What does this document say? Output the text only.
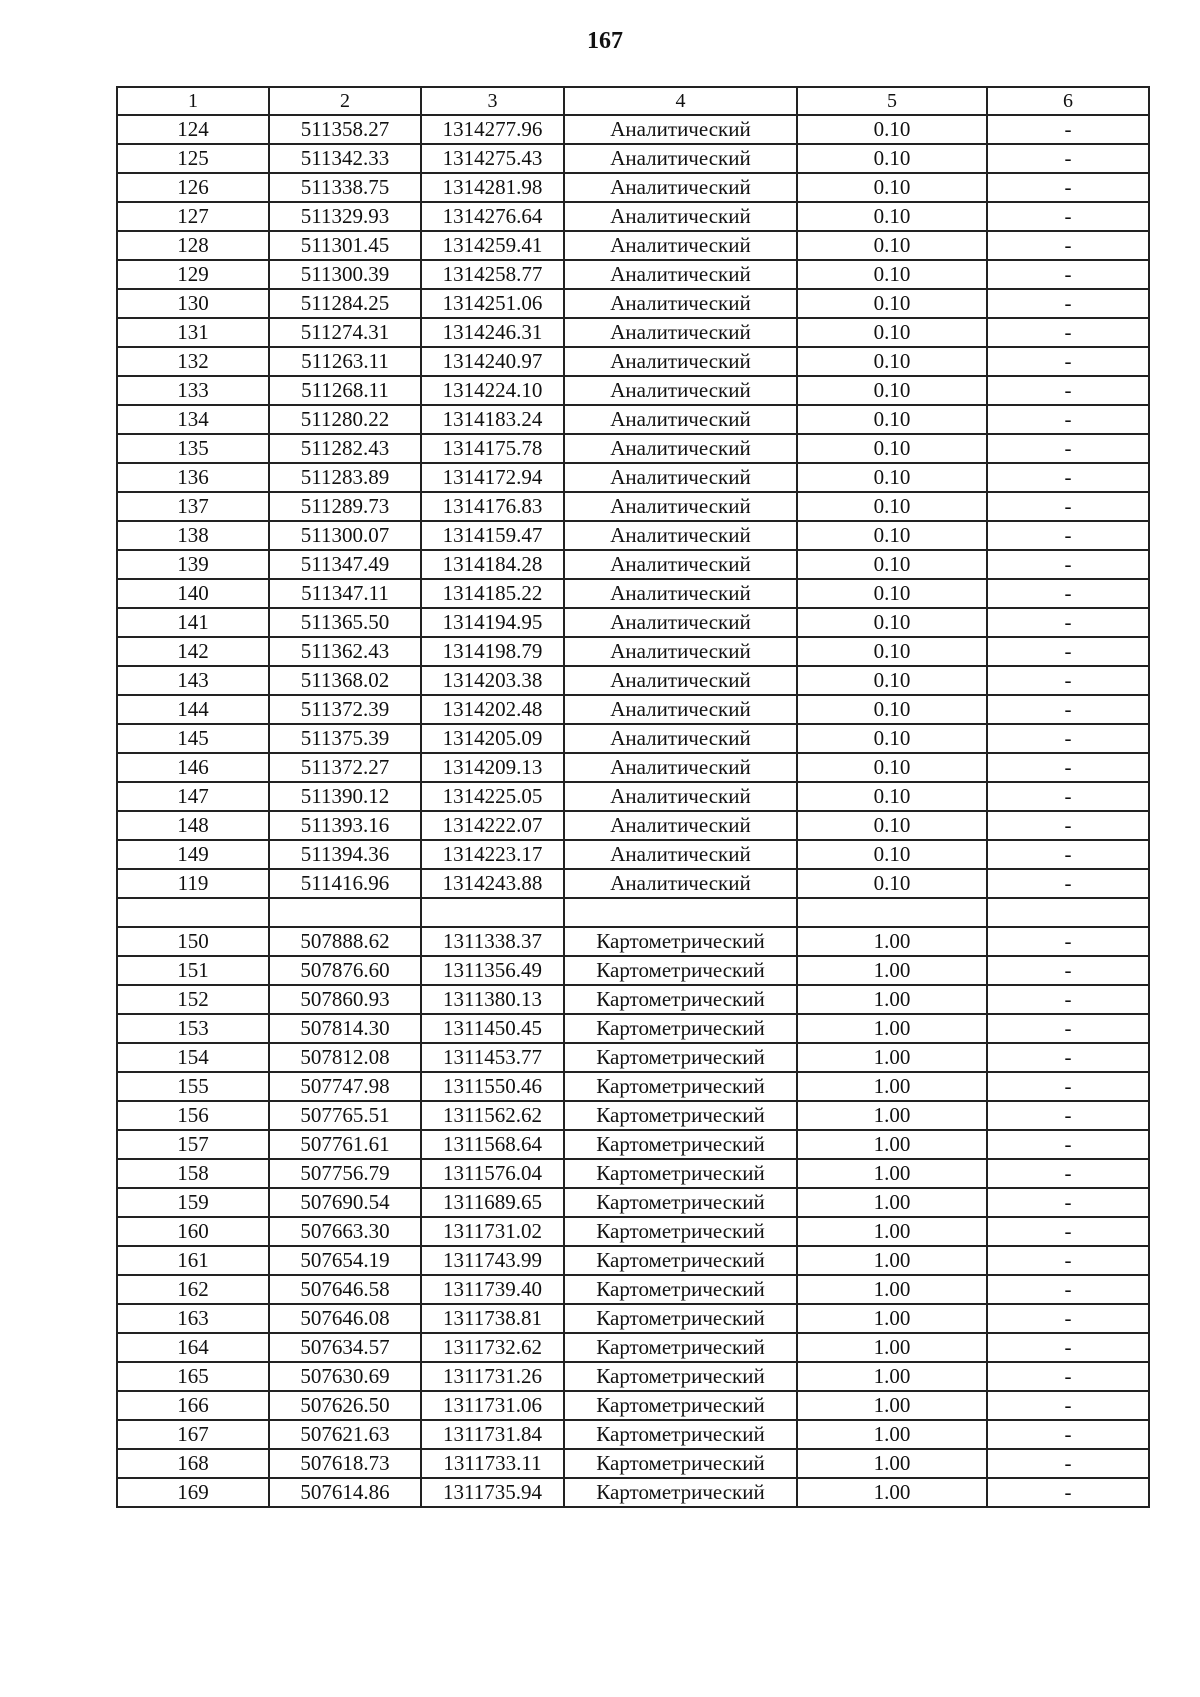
167
1	2	3	4	5	6
124	511358.27	1314277.96	Аналитический	0.10	-
125	511342.33	1314275.43	Аналитический	0.10	-
126	511338.75	1314281.98	Аналитический	0.10	-
127	511329.93	1314276.64	Аналитический	0.10	-
128	511301.45	1314259.41	Аналитический	0.10	-
129	511300.39	1314258.77	Аналитический	0.10	-
130	511284.25	1314251.06	Аналитический	0.10	-
131	511274.31	1314246.31	Аналитический	0.10	-
132	511263.11	1314240.97	Аналитический	0.10	-
133	511268.11	1314224.10	Аналитический	0.10	-
134	511280.22	1314183.24	Аналитический	0.10	-
135	511282.43	1314175.78	Аналитический	0.10	-
136	511283.89	1314172.94	Аналитический	0.10	-
137	511289.73	1314176.83	Аналитический	0.10	-
138	511300.07	1314159.47	Аналитический	0.10	-
139	511347.49	1314184.28	Аналитический	0.10	-
140	511347.11	1314185.22	Аналитический	0.10	-
141	511365.50	1314194.95	Аналитический	0.10	-
142	511362.43	1314198.79	Аналитический	0.10	-
143	511368.02	1314203.38	Аналитический	0.10	-
144	511372.39	1314202.48	Аналитический	0.10	-
145	511375.39	1314205.09	Аналитический	0.10	-
146	511372.27	1314209.13	Аналитический	0.10	-
147	511390.12	1314225.05	Аналитический	0.10	-
148	511393.16	1314222.07	Аналитический	0.10	-
149	511394.36	1314223.17	Аналитический	0.10	-
119	511416.96	1314243.88	Аналитический	0.10	-

150	507888.62	1311338.37	Картометрический	1.00	-
151	507876.60	1311356.49	Картометрический	1.00	-
152	507860.93	1311380.13	Картометрический	1.00	-
153	507814.30	1311450.45	Картометрический	1.00	-
154	507812.08	1311453.77	Картометрический	1.00	-
155	507747.98	1311550.46	Картометрический	1.00	-
156	507765.51	1311562.62	Картометрический	1.00	-
157	507761.61	1311568.64	Картометрический	1.00	-
158	507756.79	1311576.04	Картометрический	1.00	-
159	507690.54	1311689.65	Картометрический	1.00	-
160	507663.30	1311731.02	Картометрический	1.00	-
161	507654.19	1311743.99	Картометрический	1.00	-
162	507646.58	1311739.40	Картометрический	1.00	-
163	507646.08	1311738.81	Картометрический	1.00	-
164	507634.57	1311732.62	Картометрический	1.00	-
165	507630.69	1311731.26	Картометрический	1.00	-
166	507626.50	1311731.06	Картометрический	1.00	-
167	507621.63	1311731.84	Картометрический	1.00	-
168	507618.73	1311733.11	Картометрический	1.00	-
169	507614.86	1311735.94	Картометрический	1.00	-
